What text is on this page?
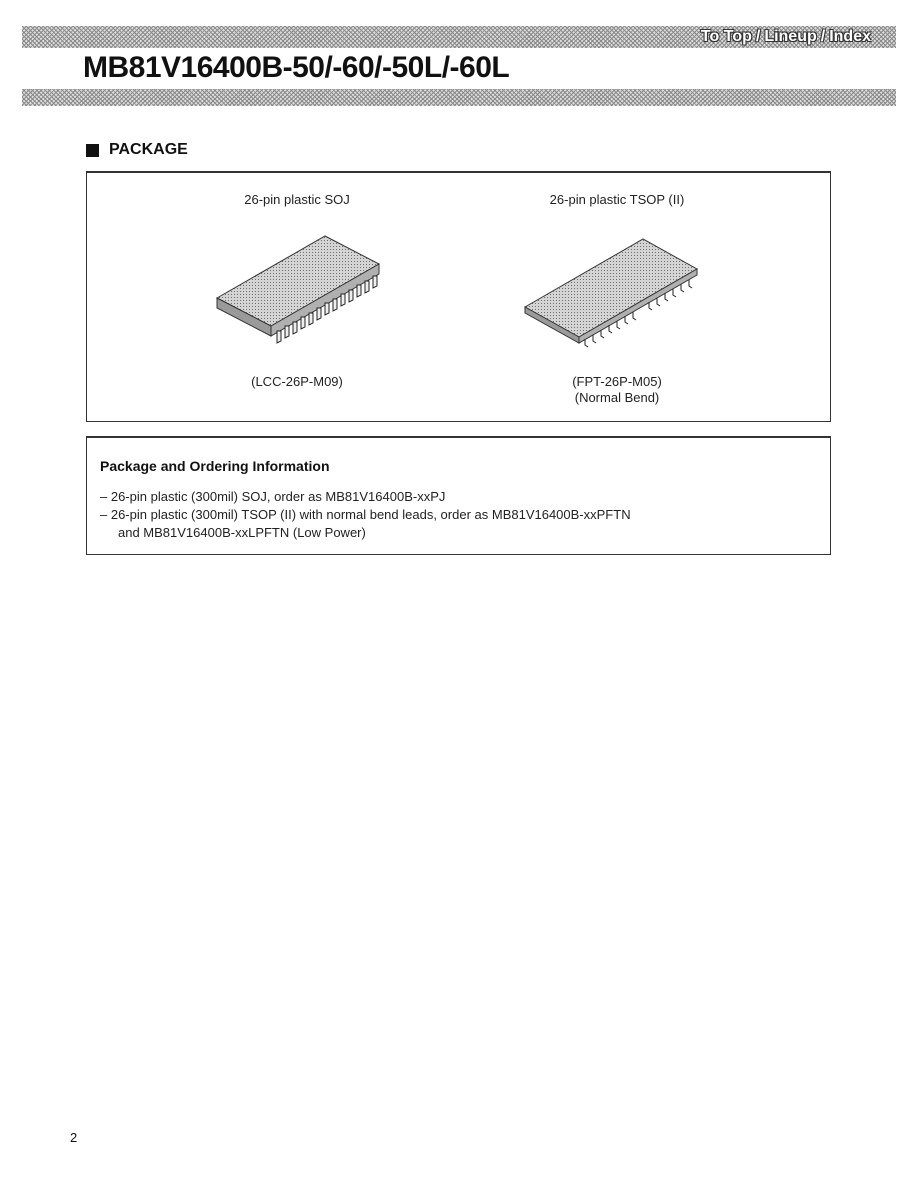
To Top / Lineup / Index
MB81V16400B-50/-60/-50L/-60L
PACKAGE
26-pin plastic SOJ
(LCC-26P-M09)
26-pin plastic TSOP (II)
(FPT-26P-M05)
(Normal Bend)
Package and Ordering Information
– 26-pin plastic (300mil) SOJ, order as MB81V16400B-xxPJ
– 26-pin plastic (300mil) TSOP (II) with normal bend leads, order as MB81V16400B-xxPFTN
and MB81V16400B-xxLPFTN (Low Power)
2
